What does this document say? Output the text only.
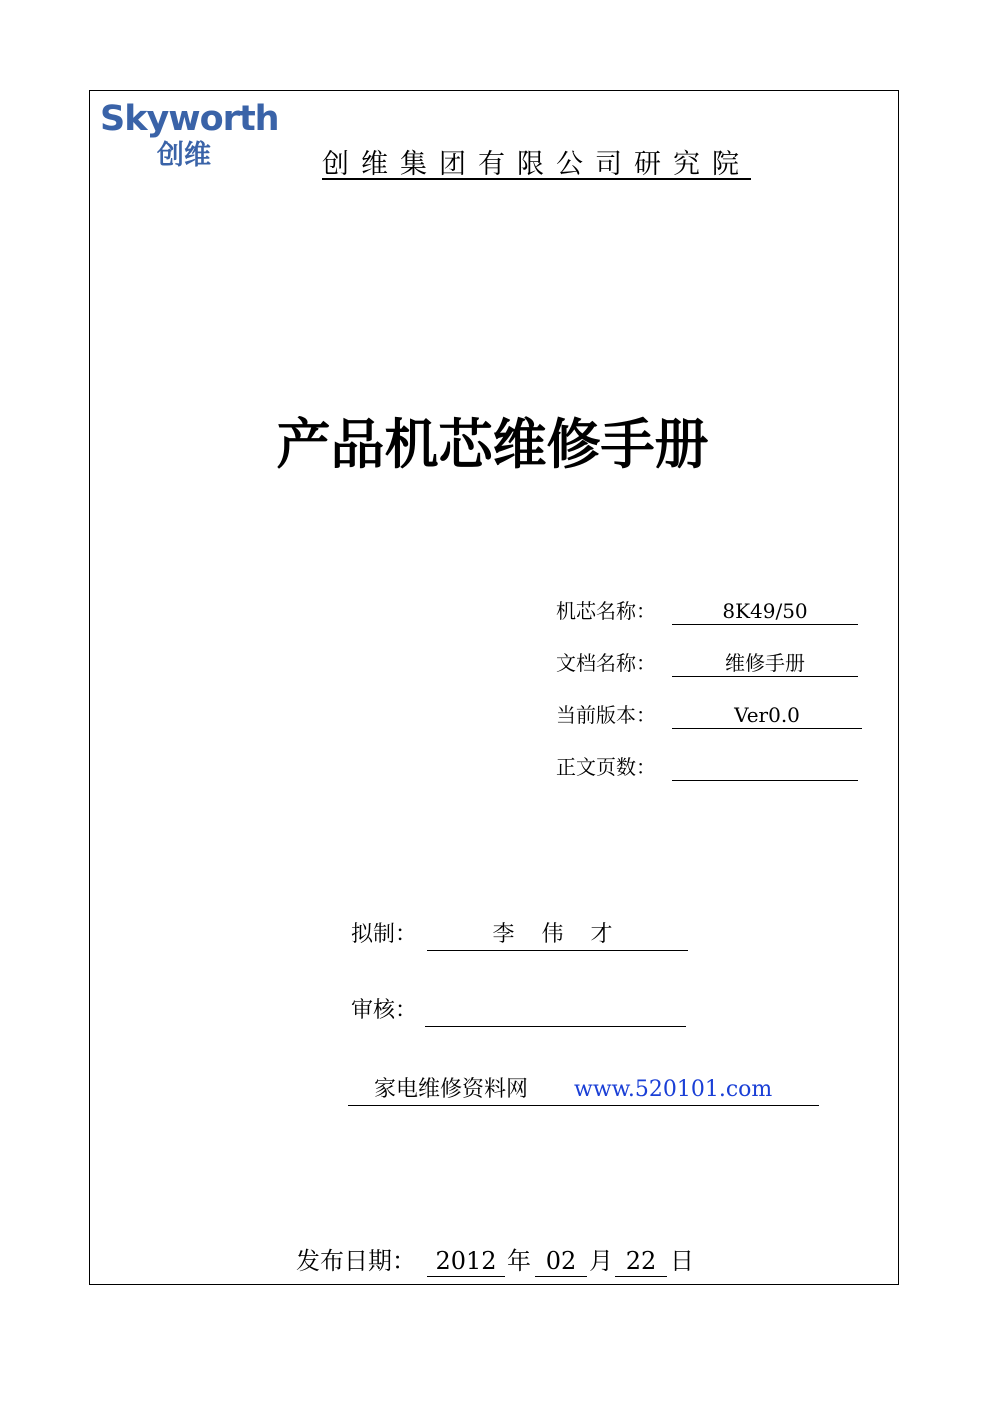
Skyworth
创维	创维集团有限公司研究院
产品机芯维修手册
机芯名称：	8K49/50
文档名称：	维修手册
当前版本：	Ver0.0
正文页数：
拟制：	李 伟 才
审核：
家电维修资料网 www.520101.com
发布日期： 2012 年 02 月 22 日
